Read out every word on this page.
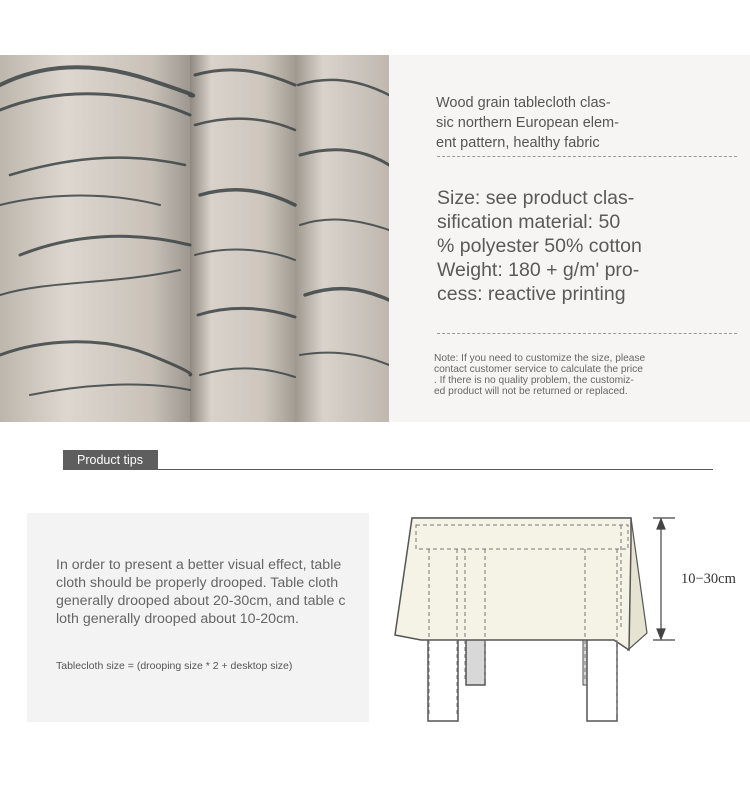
Wood grain tablecloth clas-
sic northern European elem-
ent pattern, healthy fabric
Size: see product clas-
sification material: 50
% polyester 50% cotton
Weight: 180 + g/m' pro-
cess: reactive printing
Note: If you need to customize the size, please
contact customer service to calculate the price
. If there is no quality problem, the customiz-
ed product will not be returned or replaced.
Product tips
In order to present a better visual effect, table cloth should be properly drooped. Table cloth generally drooped about 20-30cm, and table cloth generally drooped about 10-20cm.
Tablecloth size = (drooping size * 2 + desktop size)
10−30cm
